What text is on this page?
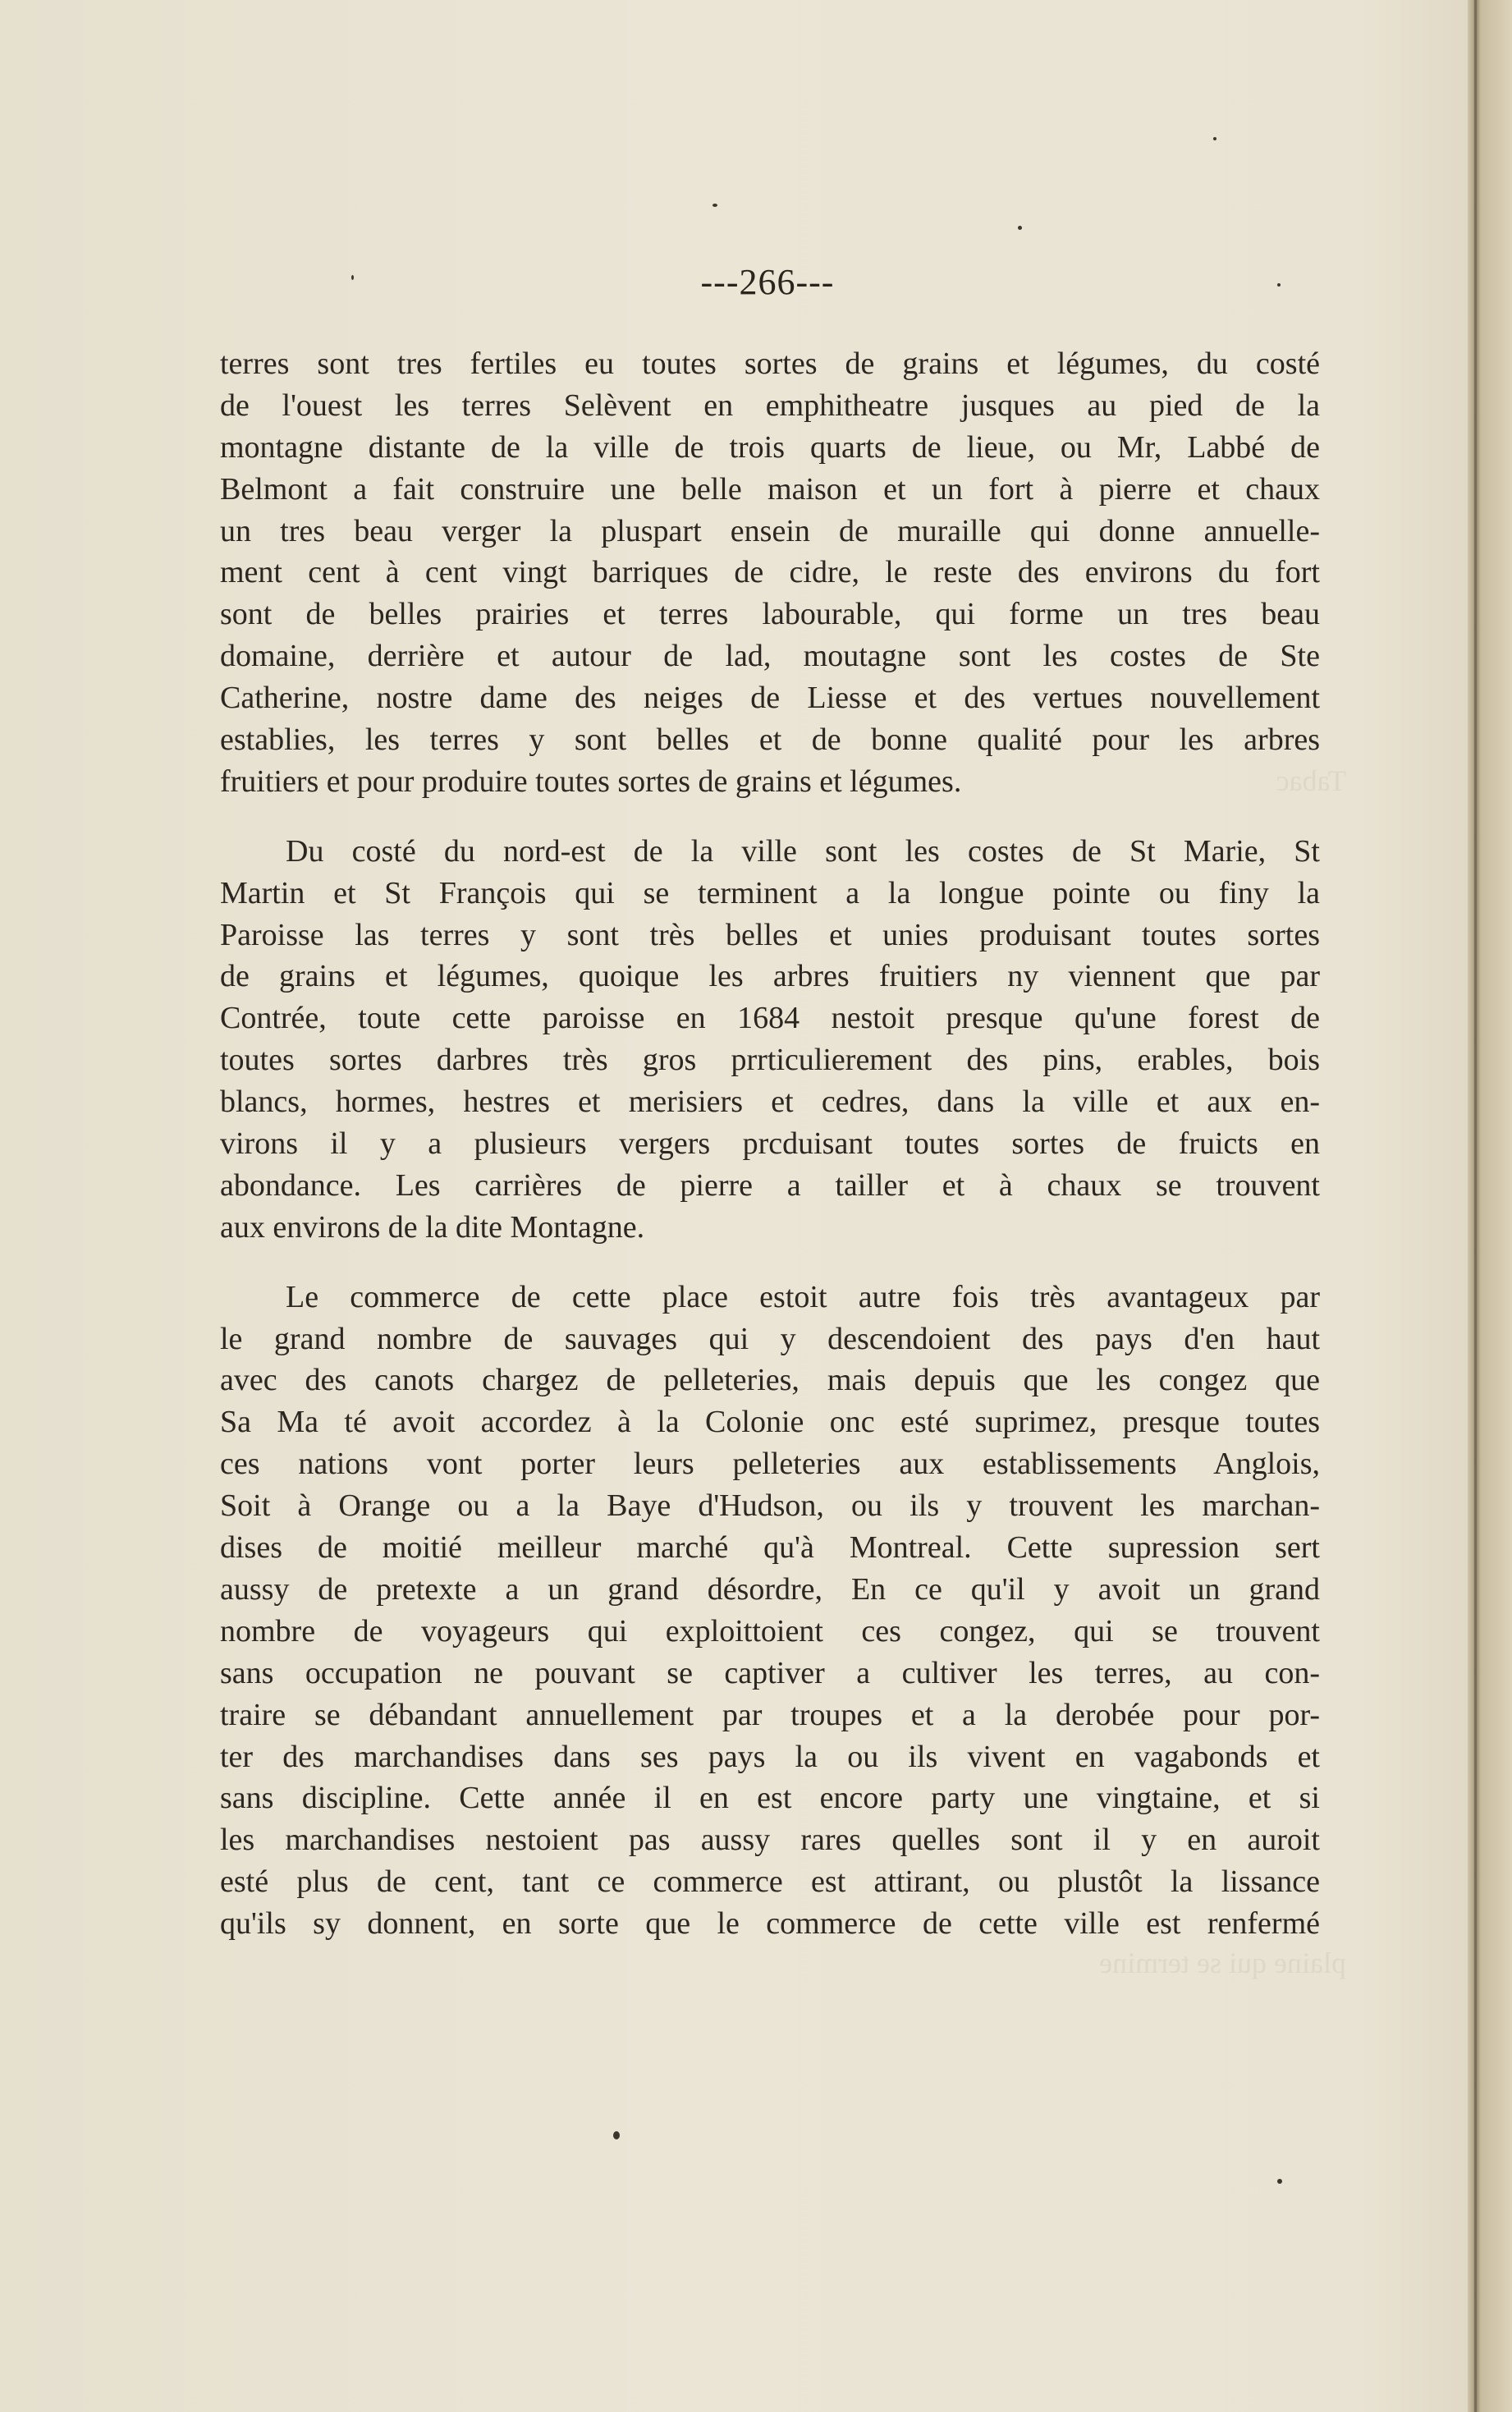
Tabac
plaine qui se termine
---266---
terres sont tres fertiles eu toutes sortes de grains et légumes, du costé
de l'ouest les terres Selèvent en emphitheatre jusques au pied de la
montagne distante de la ville de trois quarts de lieue, ou Mr, Labbé de
Belmont a fait construire une belle maison et un fort à pierre et chaux
un tres beau verger la pluspart ensein de muraille qui donne annuelle-
ment cent à cent vingt barriques de cidre, le reste des environs du fort
sont de belles prairies et terres labourable, qui forme un tres beau
domaine, derrière et autour de lad, moutagne sont les costes de Ste
Catherine, nostre dame des neiges de Liesse et des vertues nouvellement
establies, les terres y sont belles et de bonne qualité pour les arbres
fruitiers et pour produire toutes sortes de grains et légumes.
Du costé du nord-est de la ville sont les costes de St Marie, St
Martin et St François qui se terminent a la longue pointe ou finy la
Paroisse las terres y sont très belles et unies produisant toutes sortes
de grains et légumes, quoique les arbres fruitiers ny viennent que par
Contrée, toute cette paroisse en 1684 nestoit presque qu'une forest de
toutes sortes darbres très gros prrticulierement des pins, erables, bois
blancs, hormes, hestres et merisiers et cedres, dans la ville et aux en-
virons il y a plusieurs vergers prcduisant toutes sortes de fruicts en
abondance. Les carrières de pierre a tailler et à chaux se trouvent
aux environs de la dite Montagne.
Le commerce de cette place estoit autre fois très avantageux par
le grand nombre de sauvages qui y descendoient des pays d'en haut
avec des canots chargez de pelleteries, mais depuis que les congez que
Sa Ma té avoit accordez à la Colonie onc esté suprimez, presque toutes
ces nations vont porter leurs pelleteries aux establissements Anglois,
Soit à Orange ou a la Baye d'Hudson, ou ils y trouvent les marchan-
dises de moitié meilleur marché qu'à Montreal. Cette supression sert
aussy de pretexte a un grand désordre, En ce qu'il y avoit un grand
nombre de voyageurs qui exploittoient ces congez, qui se trouvent
sans occupation ne pouvant se captiver a cultiver les terres, au con-
traire se débandant annuellement par troupes et a la derobée pour por-
ter des marchandises dans ses pays la ou ils vivent en vagabonds et
sans discipline. Cette année il en est encore party une vingtaine, et si
les marchandises nestoient pas aussy rares quelles sont il y en auroit
esté plus de cent, tant ce commerce est attirant, ou plustôt la lissance
qu'ils sy donnent, en sorte que le commerce de cette ville est renfermé
